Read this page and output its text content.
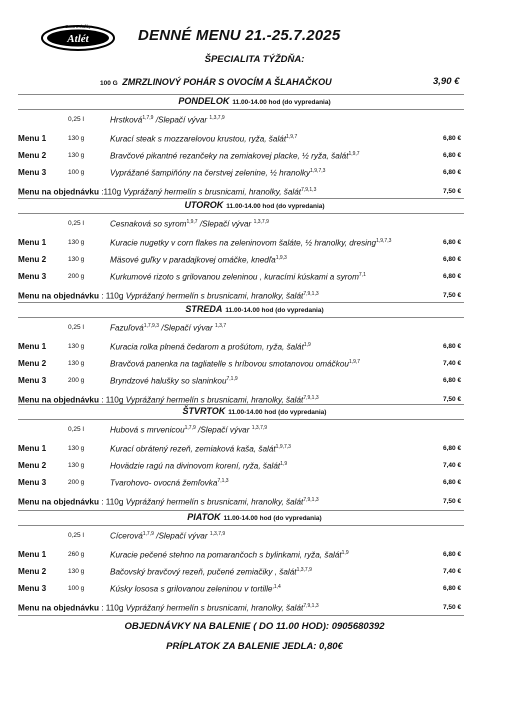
Gastroslužby
Atlét	DENNÉ MENU 21.-25.7.2025
ŠPECIALITA TÝŽDŇA:
100 G ZMRZLINOVÝ POHÁR S OVOCÍM A ŠLAHAČKOU	3,90 €
PONDELOK 11.00-14.00 hod (do vypredania)
0,25 l	Hrstková$^{1,7,9}$ /Slepačí vývar $^{1,3,7,9}$
Menu 1	130 g	Kurací steak s mozzarelovou krustou, ryža, šalát$^{1,9,7}$	6,80 €
Menu 2	130 g	Bravčové pikantné rezančeky na zemiakovej placke, ½ ryža, šalát$^{1,9,7}$	6,80 €
Menu 3	100 g	Vyprážané šampiňóny na čerstvej zelenine, ½ hranolky$^{1,9,7,3}$	6,80 €
Menu na objednávku :110g Vyprážaný hermelín s brusnicami, hranolky, šalát$^{7,9,1,3}$	7,50 €
UTOROK 11.00-14.00 hod (do vypredania)
0,25 l	Cesnaková so syrom$^{1,9,7}$ /Slepačí vývar $^{1,3,7,9}$
Menu 1	130 g	Kuracie nugetky v corn flakes na zeleninovom šaláte, ½ hranolky, dresing$^{1,9,7,3}$	6,80 €
Menu 2	130 g	Mäsové guľky v paradajkovej omáčke, knedľa$^{1,9,3}$	6,80 €
Menu 3	200 g	Kurkumové rizoto s grilovanou zeleninou , kuracími kúskami a syrom$^{7,1}$	6,80 €
Menu na objednávku : 110g Vyprážaný hermelín s brusnicami, hranolky, šalát$^{7,9,1,3}$	7,50 €
STREDA 11.00-14.00 hod (do vypredania)
0,25 l	Fazuľová$^{1,7,9,3}$ /Slepačí vývar $^{1,3,7}$
Menu 1	130 g	Kuracia rolka plnená čedarom a prošútom, ryža, šalát$^{1,9}$	6,80 €
Menu 2	130 g	Bravčová panenka na tagliatelle s hríbovou smotanovou omáčkou$^{1,9,7}$	7,40 €
Menu 3	200 g	Bryndzové halušky so slaninkou$^{7,1,9}$	6,80 €
Menu na objednávku : 110g Vyprážaný hermelín s brusnicami, hranolky, šalát$^{7,9,1,3}$	7,50 €
ŠTVRTOK 11.00-14.00 hod (do vypredania)
0,25 l	Hubová s mrvenicou$^{1,7,9}$ /Slepačí vývar $^{1,3,7,9}$
Menu 1	130 g	Kurací obrátený rezeň, zemiaková kaša, šalát$^{1,9,7,3}$	6,80 €
Menu 2	130 g	Hovädzie ragú na divinovom korení, ryža, šalát$^{1,9}$	7,40 €
Menu 3	200 g	Tvarohovo- ovocná žemľovka$^{7,1,3}$	6,80 €
Menu na objednávku : 110g Vyprážaný hermelín s brusnicami, hranolky, šalát$^{7,9,1,3}$	7,50 €
PIATOK 11.00-14.00 hod (do vypredania)
0,25 l	Cícerová$^{1,7,9}$ /Slepačí vývar $^{1,3,7,9}$
Menu 1	260 g	Kuracie pečené stehno na pomarančoch s bylinkami, ryža, šalát$^{1,9}$	6,80 €
Menu 2	130 g	Bačovský bravčový rezeň, pučené zemiačiky , šalát$^{1,3,7,9}$	7,40 €
Menu 3	100 g	Kúsky lososa s grilovanou zeleninou v tortille$^{,1,4}$	6,80 €
Menu na objednávku : 110g Vyprážaný hermelín s brusnicami, hranolky, šalát$^{7,9,1,3}$	7,50 €
OBJEDNÁVKY NA BALENIE ( DO 11.00 HOD): 0905680392
PRÍPLATOK ZA BALENIE JEDLA: 0,80€
